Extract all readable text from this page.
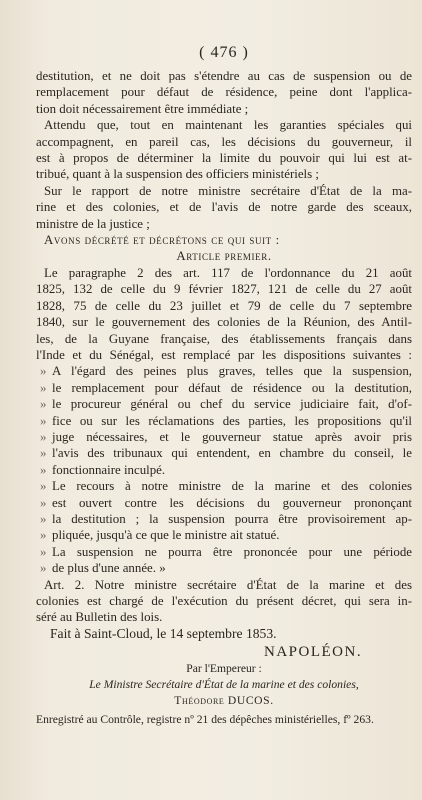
( 476 )
destitution, et ne doit pas s'étendre au cas de suspension ou de
remplacement pour défaut de résidence, peine dont l'applica-
tion doit nécessairement être immédiate ;
Attendu que, tout en maintenant les garanties spéciales qui
accompagnent, en pareil cas, les décisions du gouverneur, il
est à propos de déterminer la limite du pouvoir qui lui est at-
tribué, quant à la suspension des officiers ministériels ;
Sur le rapport de notre ministre secrétaire d'État de la ma-
rine et des colonies, et de l'avis de notre garde des sceaux,
ministre de la justice ;
Avons décrété et décrétons ce qui suit :
Article premier.
Le paragraphe 2 des art. 117 de l'ordonnance du 21 août
1825, 132 de celle du 9 février 1827, 121 de celle du 27 août
1828, 75 de celle du 23 juillet et 79 de celle du 7 septembre
1840, sur le gouvernement des colonies de la Réunion, des Antil-
les, de la Guyane française, des établissements français dans
l'Inde et du Sénégal, est remplacé par les dispositions suivantes :
» A l'égard des peines plus graves, telles que la suspension,
» le remplacement pour défaut de résidence ou la destitution,
» le procureur général ou chef du service judiciaire fait, d'of-
» fice ou sur les réclamations des parties, les propositions qu'il
» juge nécessaires, et le gouverneur statue après avoir pris
» l'avis des tribunaux qui entendent, en chambre du conseil, le
» fonctionnaire inculpé.
» Le recours à notre ministre de la marine et des colonies
» est ouvert contre les décisions du gouverneur prononçant
» la destitution ; la suspension pourra être provisoirement ap-
» pliquée, jusqu'à ce que le ministre ait statué.
» La suspension ne pourra être prononcée pour une période
» de plus d'une année. »
Art. 2. Notre ministre secrétaire d'État de la marine et des
colonies est chargé de l'exécution du présent décret, qui sera in-
séré au Bulletin des lois.
Fait à Saint-Cloud, le 14 septembre 1853.
NAPOLÉON.
Par l'Empereur :
Le Ministre Secrétaire d'État de la marine et des colonies,
Théodore DUCOS.
Enregistré au Contrôle, registre nº 21 des dépêches ministérielles, fº 263.
